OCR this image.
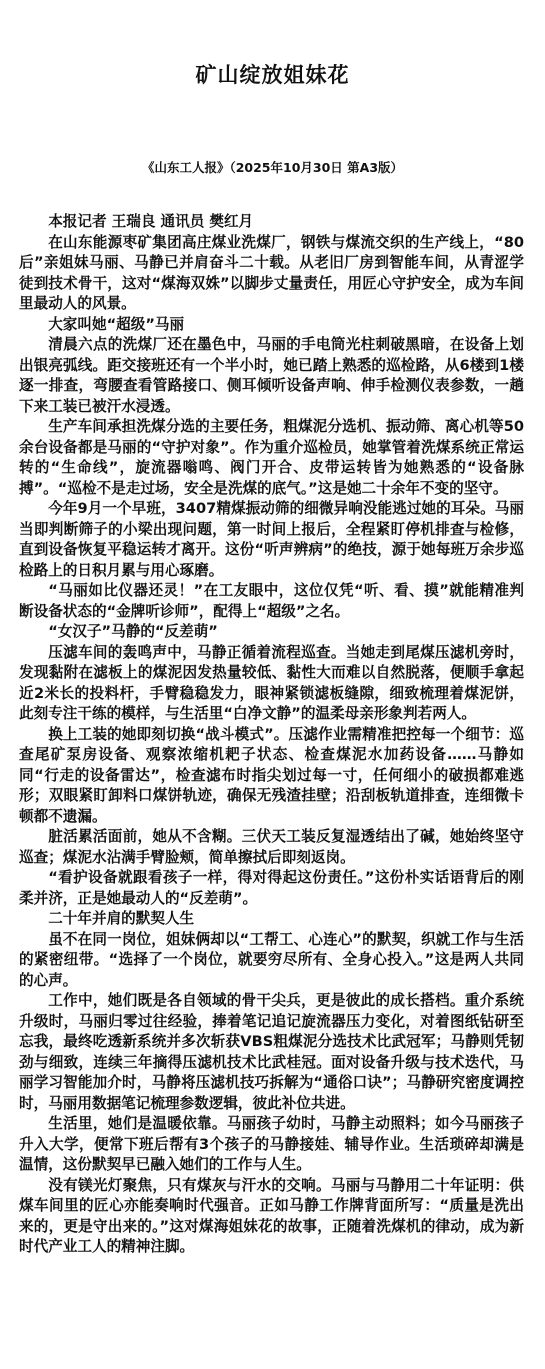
矿山绽放姐妹花
《山东工人报》（2025年10月30日 第A3版）

本报记者 王瑞良 通讯员 樊红月

在山东能源枣矿集团高庄煤业洗煤厂，钢铁与煤流交织的生产线上，“80后”亲姐妹马丽、马静已并肩奋斗二十载。从老旧厂房到智能车间，从青涩学徒到技术骨干，这对“煤海双姝”以脚步丈量责任，用匠心守护安全，成为车间里最动人的风景。

大家叫她“超级”马丽

清晨六点的洗煤厂还在墨色中，马丽的手电筒光柱刺破黑暗，在设备上划出银亮弧线。距交接班还有一个半小时，她已踏上熟悉的巡检路，从6楼到1楼逐一排查，弯腰查看管路接口、侧耳倾听设备声响、伸手检测仪表参数，一趟下来工装已被汗水浸透。

生产车间承担洗煤分选的主要任务，粗煤泥分选机、振动筛、离心机等50余台设备都是马丽的“守护对象”。作为重介巡检员，她掌管着洗煤系统正常运转的“生命线”，旋流器嗡鸣、阀门开合、皮带运转皆为她熟悉的“设备脉搏”。“巡检不是走过场，安全是洗煤的底气。”这是她二十余年不变的坚守。

今年9月一个早班，3407精煤振动筛的细微异响没能逃过她的耳朵。马丽当即判断筛子的小梁出现问题，第一时间上报后，全程紧盯停机排查与检修，直到设备恢复平稳运转才离开。这份“听声辨病”的绝技，源于她每班万余步巡检路上的日积月累与用心琢磨。

“马丽如比仪器还灵！”在工友眼中，这位仅凭“听、看、摸”就能精准判断设备状态的“金牌听诊师”，配得上“超级”之名。

“女汉子”马静的“反差萌”

压滤车间的轰鸣声中，马静正循着流程巡查。当她走到尾煤压滤机旁时，发现黏附在滤板上的煤泥因发热量较低、黏性大而难以自然脱落，便顺手拿起近2米长的投料杆，手臂稳稳发力，眼神紧锁滤板缝隙，细致梳理着煤泥饼，此刻专注干练的模样，与生活里“白净文静”的温柔母亲形象判若两人。

换上工装的她即刻切换“战斗模式”。压滤作业需精准把控每一个细节：巡查尾矿泵房设备、观察浓缩机耙子状态、检查煤泥水加药设备……马静如同“行走的设备雷达”，检查滤布时指尖划过每一寸，任何细小的破损都难逃形；双眼紧盯卸料口煤饼轨迹，确保无残渣挂壁；沿刮板轨道排查，连细微卡顿都不遗漏。

脏活累活面前，她从不含糊。三伏天工装反复湿透结出了碱，她始终坚守巡查；煤泥水沾满手臂脸颊，简单擦拭后即刻返岗。

“看护设备就跟看孩子一样，得对得起这份责任。”这份朴实话语背后的刚柔并济，正是她最动人的“反差萌”。

二十年并肩的默契人生

虽不在同一岗位，姐妹俩却以“工帮工、心连心”的默契，织就工作与生活的紧密纽带。“选择了一个岗位，就要穷尽所有、全身心投入。”这是两人共同的心声。

工作中，她们既是各自领域的骨干尖兵，更是彼此的成长搭档。重介系统升级时，马丽归零过往经验，捧着笔记追记旋流器压力变化，对着图纸钻研至忘我，最终吃透新系统并多次斩获VBS粗煤泥分选技术比武冠军；马静则凭韧劲与细致，连续三年摘得压滤机技术比武桂冠。面对设备升级与技术迭代，马丽学习智能加介时，马静将压滤机技巧拆解为“通俗口诀”；马静研究密度调控时，马丽用数据笔记梳理参数逻辑，彼此补位共进。

生活里，她们是温暖依靠。马丽孩子幼时，马静主动照料；如今马丽孩子升入大学，便常下班后帮有3个孩子的马静接娃、辅导作业。生活琐碎却满是温情，这份默契早已融入她们的工作与人生。

没有镁光灯聚焦，只有煤灰与汗水的交响。马丽与马静用二十年证明：供煤车间里的匠心亦能奏响时代强音。正如马静工作牌背面所写：“质量是洗出来的，更是守出来的。”这对煤海姐妹花的故事，正随着洗煤机的律动，成为新时代产业工人的精神注脚。
